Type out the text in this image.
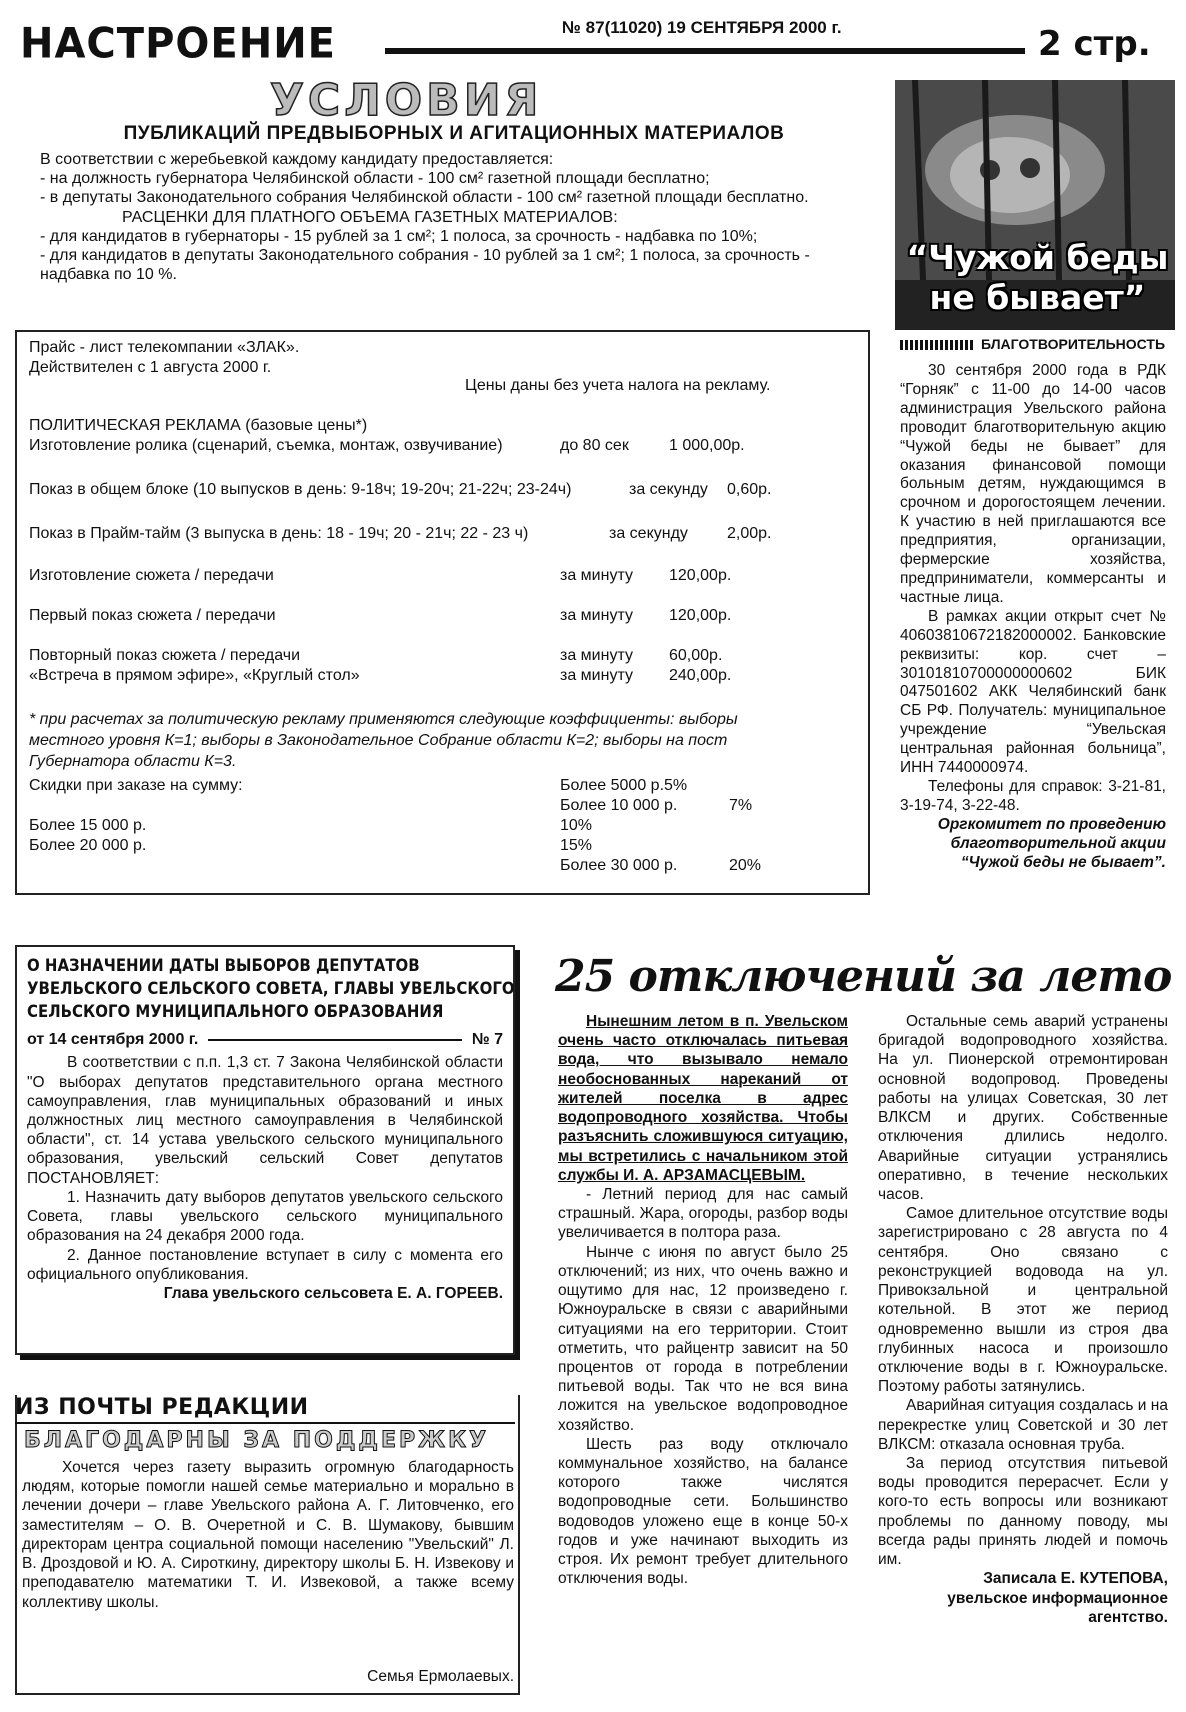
НАСТРОЕНИЕ	№ 87(11020) 19 СЕНТЯБРЯ 2000 г.	2 стр.
УСЛОВИЯ
ПУБЛИКАЦИЙ ПРЕДВЫБОРНЫХ И АГИТАЦИОННЫХ МАТЕРИАЛОВ

В соответствии с жеребьевкой каждому кандидату предоставляется:

- на должность губернатора Челябинской области - 100 см² газетной площади бесплатно;

- в депутаты Законодательного собрания Челябинской области - 100 см² газетной площади бесплатно.

РАСЦЕНКИ ДЛЯ ПЛАТНОГО ОБЪЕМА ГАЗЕТНЫХ МАТЕРИАЛОВ:

- для кандидатов в губернаторы - 15 рублей за 1 см²; 1 полоса, за срочность - надбавка по 10%;

- для кандидатов в депутаты Законодательного собрания - 10 рублей за 1 см²; 1 полоса, за срочность - надбавка по 10 %.

Прайс - лист телекомпании «ЗЛАК».
Действителен с 1 августа 2000 г.
Цены даны без учета налога на рекламу.
ПОЛИТИЧЕСКАЯ РЕКЛАМА (базовые цены*)
Изготовление ролика (сценарий, съемка, монтаж, озвучивание)	до 80 сек	1 000,00р.
Показ в общем блоке (10 выпусков в день: 9-18ч; 19-20ч; 21-22ч; 23-24ч)	за секунду 0,60р.
Показ в Прайм-тайм (3 выпуска в день: 18 - 19ч; 20 - 21ч; 22 - 23 ч)	за секунду 2,00р.
Изготовление сюжета / передачи	за минуту 120,00р.
Первый показ сюжета / передачи	за минуту 120,00р.
Повторный показ сюжета / передачи	за минуту 60,00р.
«Встреча в прямом эфире», «Круглый стол»	за минуту 240,00р.
* при расчетах за политическую рекламу применяются следующие коэффициенты: выборы местного уровня К=1; выборы в Законодательное Собрание области К=2; выборы на пост Губернатора области К=3.
Скидки при заказе на сумму:	Более 5000 р.5%
Более 10 000 р.	7%
Более 15 000 р.	10%
Более 20 000 р.	15%
Более 30 000 р.	20%
“Чужой беды
не бывает”
БЛАГОТВОРИТЕЛЬНОСТЬ

30 сентября 2000 года в РДК “Горняк” с 11-00 до 14-00 часов администрация Увельского района проводит благотворительную акцию “Чужой беды не бывает” для оказания финансовой помощи больным детям, нуждающимся в срочном и дорогостоящем лечении. К участию в ней приглашаются все предприятия, организации, фермерские хозяйства, предприниматели, коммерсанты и частные лица.

В рамках акции открыт счет № 40603810672182000002. Банковские реквизиты: кор. счет – 30101810700000000602 БИК 047501602 АКК Челябинский банк СБ РФ. Получатель: муниципальное учреждение “Увельская центральная районная больница”, ИНН 7440000974.

Телефоны для справок: 3-21-81, 3-19-74, 3-22-48.

Оргкомитет по проведению благотворительной акции “Чужой беды не бывает”.

О НАЗНАЧЕНИИ ДАТЫ ВЫБОРОВ ДЕПУТАТОВ УВЕЛЬСКОГО СЕЛЬСКОГО СОВЕТА, ГЛАВЫ УВЕЛЬСКОГО СЕЛЬСКОГО МУНИЦИПАЛЬНОГО ОБРАЗОВАНИЯ
от 14 сентября 2000 г.	№ 7

В соответствии с п.п. 1,3 ст. 7 Закона Челябинской области "О выборах депутатов представительного органа местного самоуправления, глав муниципальных образований и иных должностных лиц местного самоуправления в Челябинской области", ст. 14 устава увельского сельского муниципального образования, увельский сельский Совет депутатов ПОСТАНОВЛЯЕТ:

1. Назначить дату выборов депутатов увельского сельского Совета, главы увельского сельского муниципального образования на 24 декабря 2000 года.

2. Данное постановление вступает в силу с момента его официального опубликования.

Глава увельского сельсовета Е. А. ГОРЕЕВ.

ИЗ ПОЧТЫ РЕДАКЦИИ
БЛАГОДАРНЫ ЗА ПОДДЕРЖКУ

Хочется через газету выразить огромную благодарность людям, которые помогли нашей семье материально и морально в лечении дочери – главе Увельского района А. Г. Литовченко, его заместителям – О. В. Очеретной и С. В. Шумакову, бывшим директорам центра социальной помощи населению "Увельский" Л. В. Дроздовой и Ю. А. Сироткину, директору школы Б. Н. Извекову и преподавателю математики Т. И. Извековой, а также всему коллективу школы.

Семья Ермолаевых.
25 отключений за лето

Нынешним летом в п. Увельском очень часто отключалась питьевая вода, что вызывало немало необоснованных нареканий от жителей поселка в адрес водопроводного хозяйства. Чтобы разъяснить сложившуюся ситуацию, мы встретились с начальником этой службы И. А. АРЗАМАСЦЕВЫМ.

- Летний период для нас самый страшный. Жара, огороды, разбор воды увеличивается в полтора раза.

Нынче с июня по август было 25 отключений; из них, что очень важно и ощутимо для нас, 12 произведено г. Южноуральске в связи с аварийными ситуациями на его территории. Стоит отметить, что райцентр зависит на 50 процентов от города в потреблении питьевой воды. Так что не вся вина ложится на увельское водопроводное хозяйство.

Шесть раз воду отключало коммунальное хозяйство, на балансе которого также числятся водопроводные сети. Большинство водоводов уложено еще в конце 50-х годов и уже начинают выходить из строя. Их ремонт требует длительного отключения воды.

Остальные семь аварий устранены бригадой водопроводного хозяйства. На ул. Пионерской отремонтирован основной водопровод. Проведены работы на улицах Советская, 30 лет ВЛКСМ и других. Собственные отключения длились недолго. Аварийные ситуации устранялись оперативно, в течение нескольких часов.

Самое длительное отсутствие воды зарегистрировано с 28 августа по 4 сентября. Оно связано с реконструкцией водовода на ул. Привокзальной и центральной котельной. В этот же период одновременно вышли из строя два глубинных насоса и произошло отключение воды в г. Южноуральске. Поэтому работы затянулись.

Аварийная ситуация создалась и на перекрестке улиц Советской и 30 лет ВЛКСМ: отказала основная труба.

За период отсутствия питьевой воды проводится перерасчет. Если у кого-то есть вопросы или возникают проблемы по данному поводу, мы всегда рады принять людей и помочь им.

Записала Е. КУТЕПОВА,

увельское информационное агентство.
